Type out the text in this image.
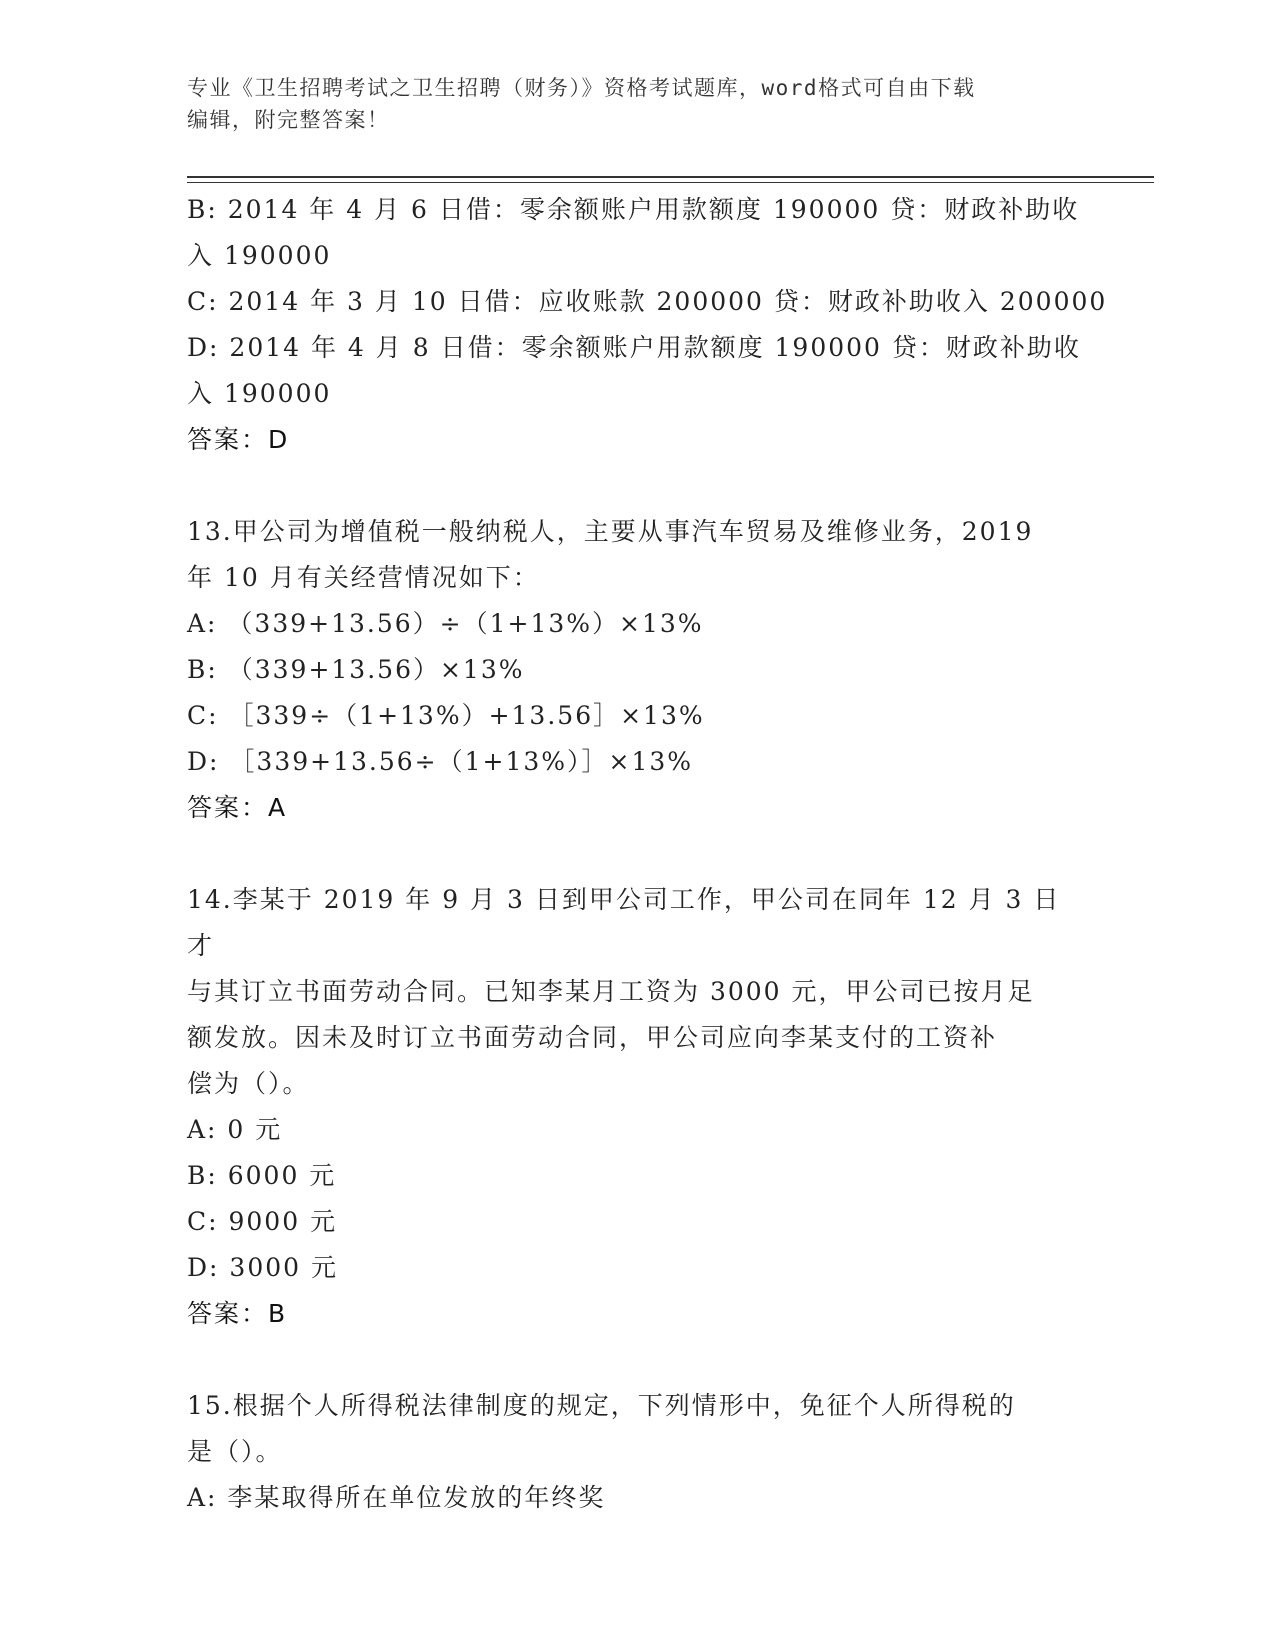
专业《卫生招聘考试之卫生招聘（财务）》资格考试题库，word格式可自由下载
编辑，附完整答案！
B: 2014 年 4 月 6 日借：零余额账户用款额度 190000 贷：财政补助收
入 190000
C: 2014 年 3 月 10 日借：应收账款 200000 贷：财政补助收入 200000
D: 2014 年 4 月 8 日借：零余额账户用款额度 190000 贷：财政补助收
入 190000
答案：D
13.甲公司为增值税一般纳税人，主要从事汽车贸易及维修业务，2019
年 10 月有关经营情况如下：
A: （339+13.56）÷（1+13%）×13%
B: （339+13.56）×13%
C: ［339÷（1+13%）+13.56］×13%
D: ［339+13.56÷（1+13%）］×13%
答案：A
14.李某于 2019 年 9 月 3 日到甲公司工作，甲公司在同年 12 月 3 日才
与其订立书面劳动合同。已知李某月工资为 3000 元，甲公司已按月足
额发放。因未及时订立书面劳动合同，甲公司应向李某支付的工资补
偿为（）。
A: 0 元
B: 6000 元
C: 9000 元
D: 3000 元
答案：B
15.根据个人所得税法律制度的规定，下列情形中，免征个人所得税的
是（）。
A: 李某取得所在单位发放的年终奖
